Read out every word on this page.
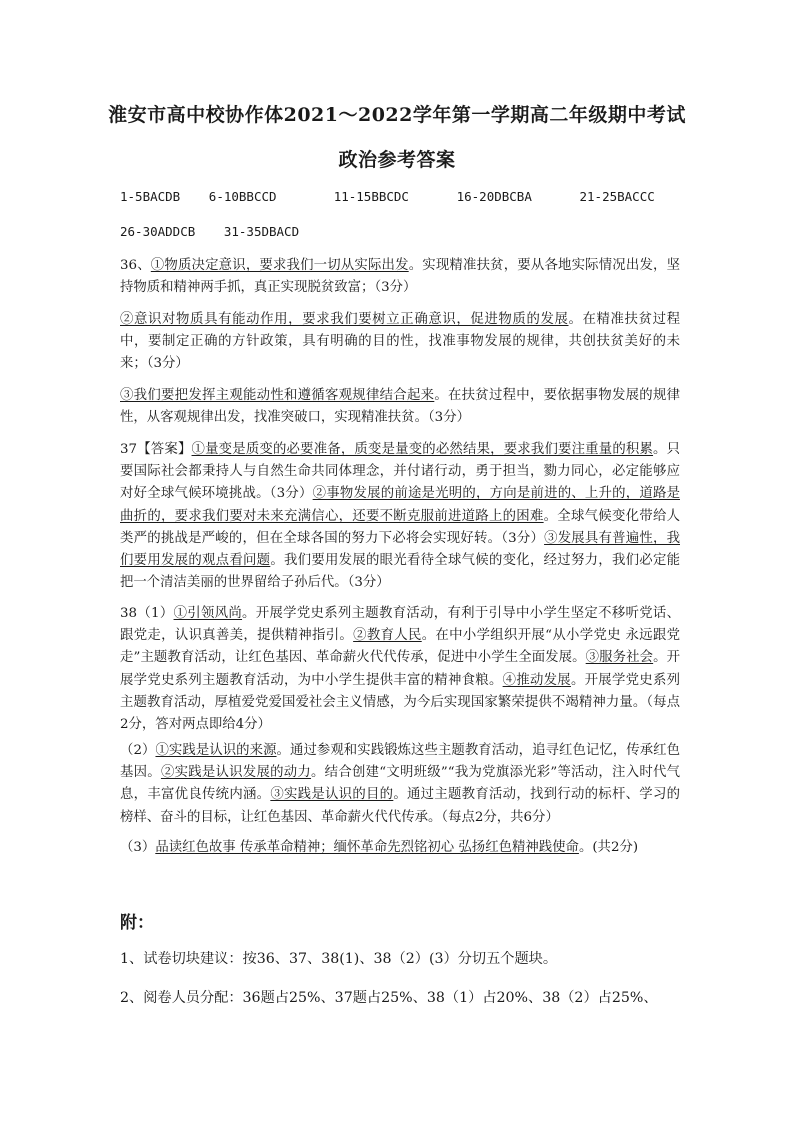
淮安市高中校协作体2021～2022学年第一学期高二年级期中考试
政治参考答案
1-5BACDB 6-10BBCCD	11-15BBCDC	16-20DBCBA	21-25BACCC
26-30ADDCB 31-35DBACD
36、①物质决定意识，要求我们一切从实际出发。实现精准扶贫，要从各地实际情况出发，坚持物质和精神两手抓，真正实现脱贫致富；（3分）
②意识对物质具有能动作用，要求我们要树立正确意识，促进物质的发展。在精准扶贫过程中，要制定正确的方针政策，具有明确的目的性，找准事物发展的规律，共创扶贫美好的未来；（3分）
③我们要把发挥主观能动性和遵循客观规律结合起来。在扶贫过程中，要依据事物发展的规律性，从客观规律出发，找准突破口，实现精准扶贫。（3分）
37【答案】①量变是质变的必要准备，质变是量变的必然结果，要求我们要注重量的积累。只要国际社会都秉持人与自然生命共同体理念，并付诸行动，勇于担当，勠力同心，必定能够应对好全球气候环境挑战。（3分）②事物发展的前途是光明的，方向是前进的、上升的，道路是曲折的，要求我们要对未来充满信心，还要不断克服前进道路上的困难。全球气候变化带给人类严的挑战是严峻的，但在全球各国的努力下必将会实现好转。（3分）③发展具有普遍性，我们要用发展的观点看问题。我们要用发展的眼光看待全球气候的变化，经过努力，我们必定能把一个清洁美丽的世界留给子孙后代。（3分）
38（1）①引领风尚。开展学党史系列主题教育活动，有利于引导中小学生坚定不移听党话、跟党走，认识真善美，提供精神指引。②教育人民。在中小学组织开展“从小学党史 永远跟党走”主题教育活动，让红色基因、革命薪火代代传承，促进中小学生全面发展。③服务社会。开展学党史系列主题教育活动，为中小学生提供丰富的精神食粮。④推动发展。开展学党史系列主题教育活动，厚植爱党爱国爱社会主义情感，为今后实现国家繁荣提供不竭精神力量。（每点2分，答对两点即给4分）
（2）①实践是认识的来源。通过参观和实践锻炼这些主题教育活动，追寻红色记忆，传承红色基因。②实践是认识发展的动力。结合创建“文明班级”“我为党旗添光彩”等活动，注入时代气息，丰富优良传统内涵。③实践是认识的目的。通过主题教育活动，找到行动的标杆、学习的榜样、奋斗的目标，让红色基因、革命薪火代代传承。（每点2分，共6分）
（3）品读红色故事 传承革命精神；缅怀革命先烈铭初心 弘扬红色精神践使命。(共2分)
附：
1、试卷切块建议：按36、37、38(1)、38（2）(3）分切五个题块。
2、阅卷人员分配：36题占25%、37题占25%、38（1）占20%、38（2）占25%、
